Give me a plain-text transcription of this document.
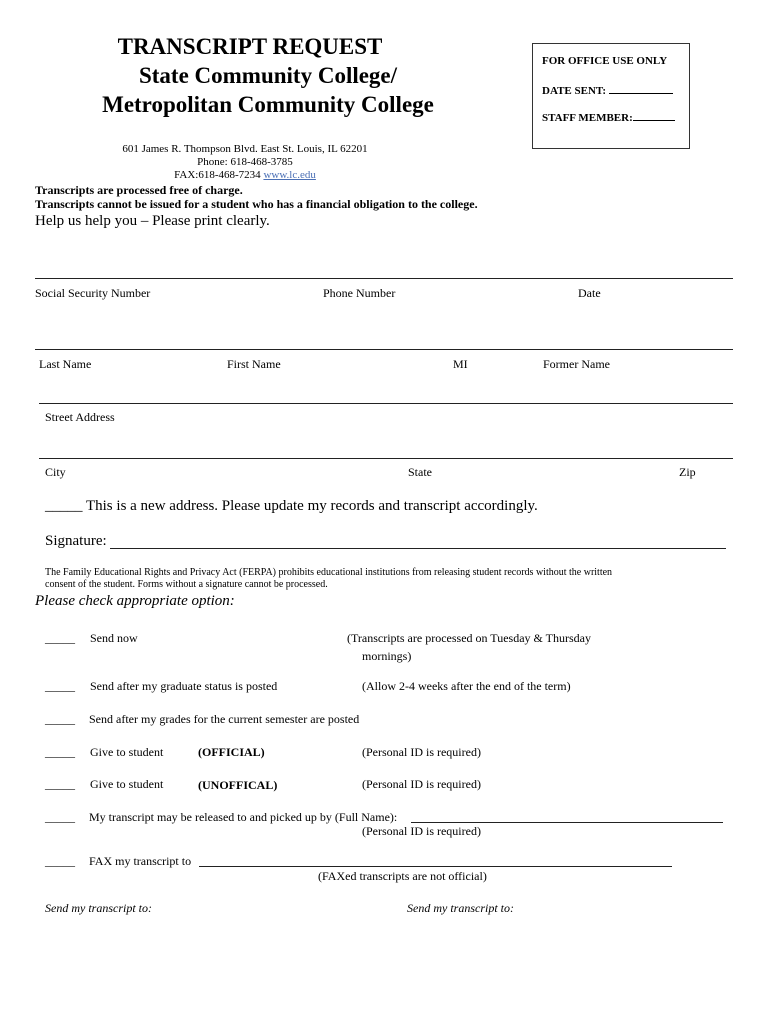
TRANSCRIPT REQUEST
State Community College/
Metropolitan Community College
601 James R. Thompson Blvd. East St. Louis, IL 62201
Phone: 618-468-3785
FAX:618-468-7234 www.lc.edu
Transcripts are processed free of charge.
Transcripts cannot be issued for a student who has a financial obligation to the college.
Help us help you – Please print clearly.
FOR OFFICE USE ONLY
DATE SENT:
STAFF MEMBER:
Social Security Number	Phone Number	Date
Last Name	First Name	MI	Former Name
Street Address
City	State	Zip
_____ This is a new address. Please update my records and transcript accordingly.
Signature:
The Family Educational Rights and Privacy Act (FERPA) prohibits educational institutions from releasing student records without the written
consent of the student. Forms without a signature cannot be processed.
Please check appropriate option:
_____ Send now	(Transcripts are processed on Tuesday & Thursday
mornings)
_____ Send after my graduate status is posted	(Allow 2-4 weeks after the end of the term)
_____ Send after my grades for the current semester are posted
_____ Give to student	(OFFICIAL)	(Personal ID is required)
_____ Give to student	(UNOFFICAL)	(Personal ID is required)
_____ My transcript may be released to and picked up by (Full Name):
(Personal ID is required)
_____ FAX my transcript to
(FAXed transcripts are not official)
Send my transcript to:	Send my transcript to:
